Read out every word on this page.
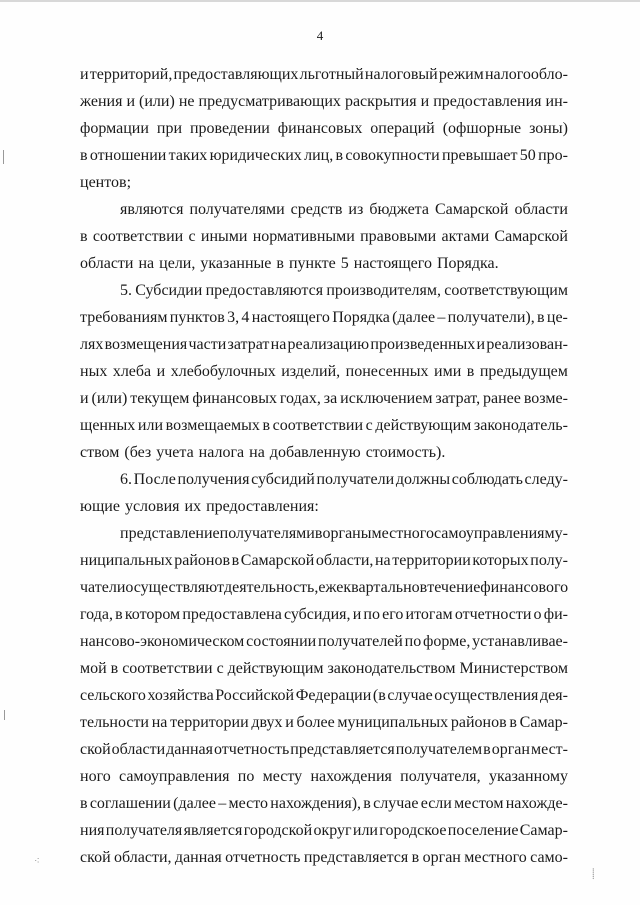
4
и территорий, предоставляющих льготный налоговый режим налогообло-
жения и (или) не предусматривающих раскрытия и предоставления ин-
формации при проведении финансовых операций (офшорные зоны)
в отношении таких юридических лиц, в совокупности превышает 50 про-
центов;
являются получателями средств из бюджета Самарской области
в соответствии с иными нормативными правовыми актами Самарской
области на цели, указанные в пункте 5 настоящего Порядка.
5. Субсидии предоставляются производителям, соответствующим
требованиям пунктов 3, 4 настоящего Порядка (далее – получатели), в це-
лях возмещения части затрат на реализацию произведенных и реализован-
ных хлеба и хлебобулочных изделий, понесенных ими в предыдущем
и (или) текущем финансовых годах, за исключением затрат, ранее возме-
щенных или возмещаемых в соответствии с действующим законодатель-
ством (без учета налога на добавленную стоимость).
6. После получения субсидий получатели должны соблюдать следу-
ющие условия их предоставления:
представление получателями в органы местного самоуправления му-
ниципальных районов в Самарской области, на территории которых полу-
чатели осуществляют деятельность, ежеквартально в течение финансового
года, в котором предоставлена субсидия, и по его итогам отчетности о фи-
нансово-экономическом состоянии получателей по форме, устанавливае-
мой в соответствии с действующим законодательством Министерством
сельского хозяйства Российской Федерации (в случае осуществления дея-
тельности на территории двух и более муниципальных районов в Самар-
ской области данная отчетность представляется получателем в орган мест-
ного самоуправления по месту нахождения получателя, указанному
в соглашении (далее – место нахождения), в случае если местом нахожде-
ния получателя является городской округ или городское поселение Самар-
ской области, данная отчетность представляется в орган местного само-
⁖
⸽
